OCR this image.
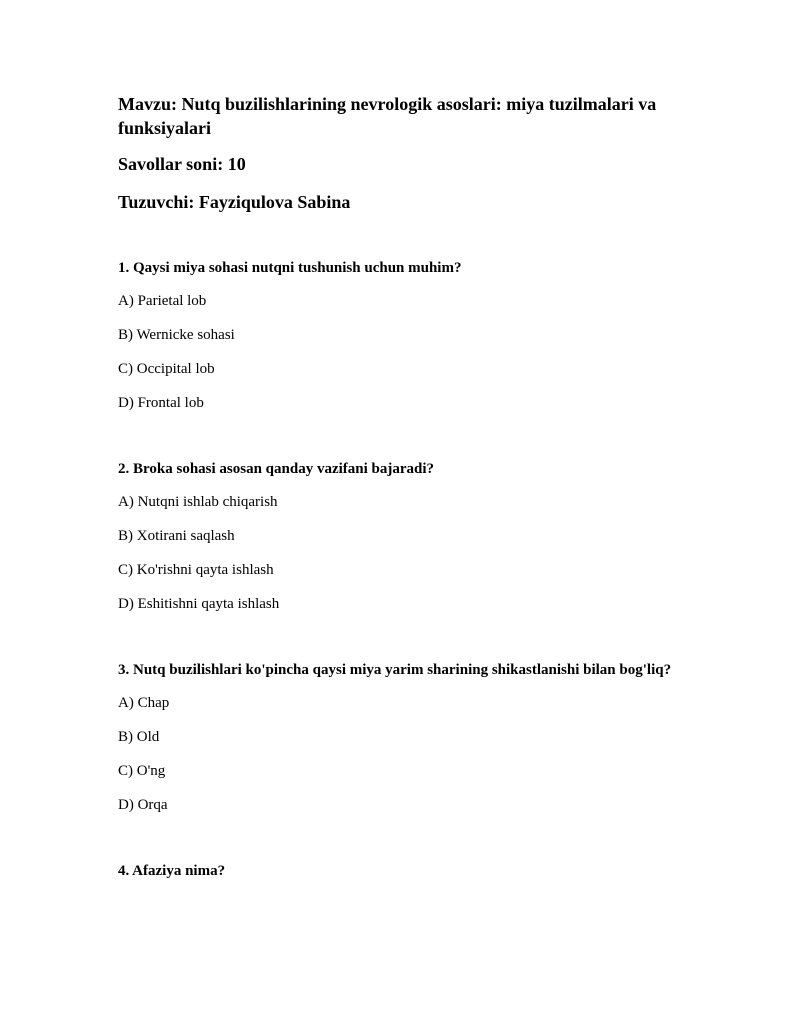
Mavzu: Nutq buzilishlarining nevrologik asoslari: miya tuzilmalari va funksiyalari
Savollar soni: 10
Tuzuvchi: Fayziqulova Sabina
1. Qaysi miya sohasi nutqni tushunish uchun muhim?
A) Parietal lob
B) Wernicke sohasi
C) Occipital lob
D) Frontal lob
2. Broka sohasi asosan qanday vazifani bajaradi?
A) Nutqni ishlab chiqarish
B) Xotirani saqlash
C) Ko'rishni qayta ishlash
D) Eshitishni qayta ishlash
3. Nutq buzilishlari ko'pincha qaysi miya yarim sharining shikastlanishi bilan bog'liq?
A) Chap
B) Old
C) O'ng
D) Orqa
4. Afaziya nima?
